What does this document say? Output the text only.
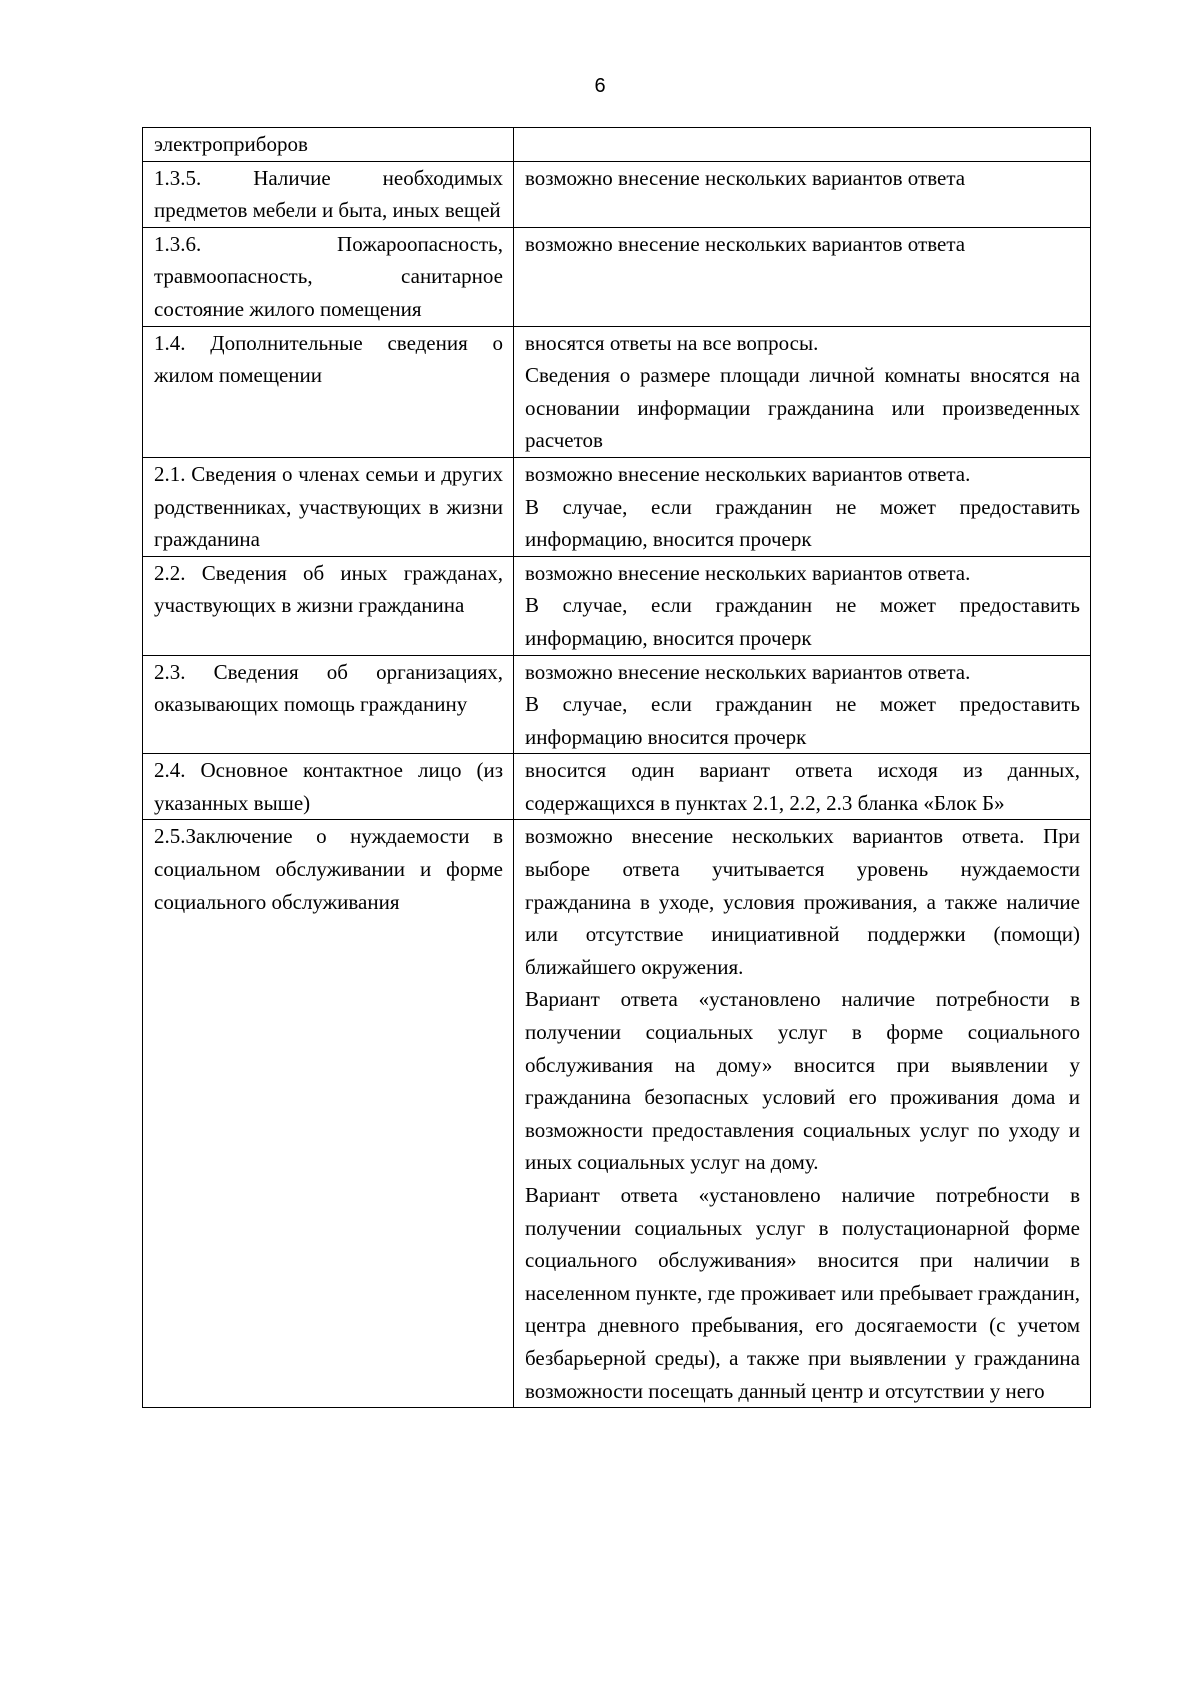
6
электроприборов	
1.3.5. Наличие необходимых предметов мебели и быта, иных вещей	возможно внесение нескольких вариантов ответа

1.3.6. Пожароопасность, травмоопасность, санитарное состояние жилого помещения	возможно внесение нескольких вариантов ответа

1.4. Дополнительные сведения о жилом помещении	вносятся ответы на все вопросы.

Сведения о размере площади личной комнаты вносятся на основании информации гражданина или произведенных расчетов

2.1. Сведения о членах семьи и других родственниках, участвующих в жизни гражданина	возможно внесение нескольких вариантов ответа.

В случае, если гражданин не может предоставить информацию, вносится прочерк

2.2. Сведения об иных гражданах, участвующих в жизни гражданина	возможно внесение нескольких вариантов ответа.

В случае, если гражданин не может предоставить информацию, вносится прочерк

2.3. Сведения об организациях, оказывающих помощь гражданину	возможно внесение нескольких вариантов ответа.

В случае, если гражданин не может предоставить информацию вносится прочерк

2.4. Основное контактное лицо (из указанных выше)	вносится один вариант ответа исходя из данных, содержащихся в пунктах 2.1, 2.2, 2.3 бланка «Блок Б»

2.5.Заключение о нуждаемости в социальном обслуживании и форме социального обслуживания	возможно внесение нескольких вариантов ответа. При выборе ответа учитывается уровень нуждаемости гражданина в уходе, условия проживания, а также наличие или отсутствие инициативной поддержки (помощи) ближайшего окружения.

Вариант ответа «установлено наличие потребности в получении социальных услуг в форме социального обслуживания на дому» вносится при выявлении у гражданина безопасных условий его проживания дома и возможности предоставления социальных услуг по уходу и иных социальных услуг на дому.

Вариант ответа «установлено наличие потребности в получении социальных услуг в полустационарной форме социального обслуживания» вносится при наличии в населенном пункте, где проживает или пребывает гражданин, центра дневного пребывания, его досягаемости (с учетом безбарьерной среды), а также при выявлении у гражданина возможности посещать данный центр и отсутствии у него
